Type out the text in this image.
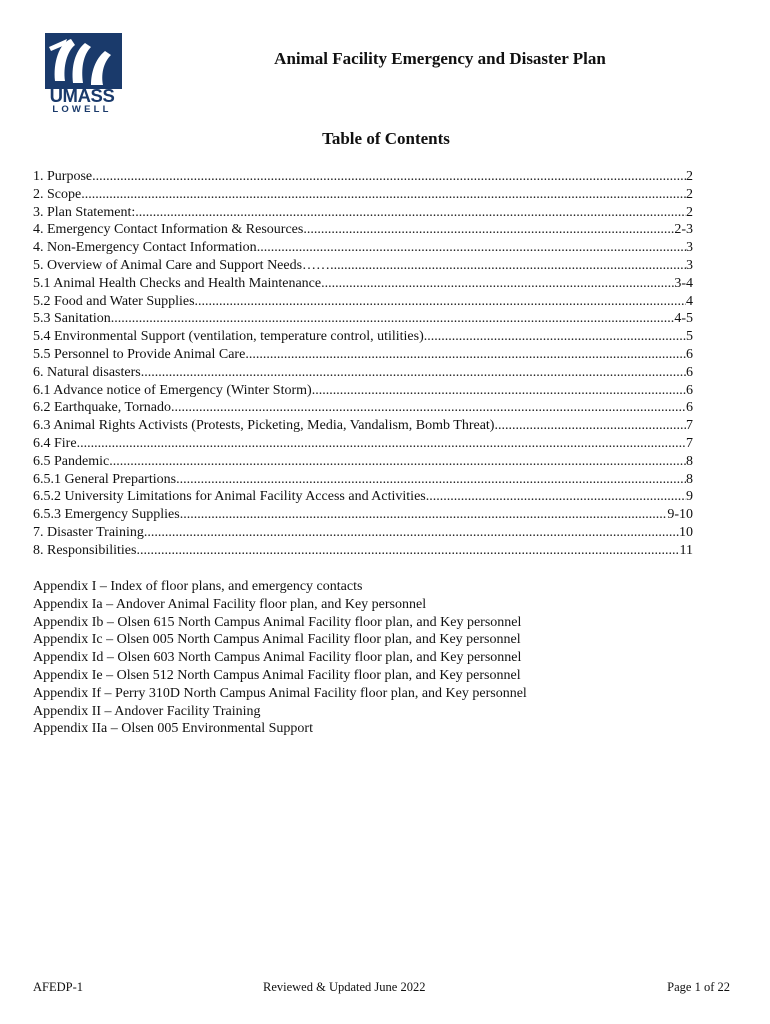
UMASS
LOWELL
Animal Facility Emergency and Disaster Plan
Table of Contents
1. Purpose .....	2
2. Scope .....	2
3. Plan Statement: .....	2
4. Emergency Contact Information & Resources .....	2-3
4. Non-Emergency Contact Information .....	3
5. Overview of Animal Care and Support Needs…… .....	3
5.1 Animal Health Checks and Health Maintenance .....	3-4
5.2 Food and Water Supplies .....	4
5.3 Sanitation .....	4-5
5.4 Environmental Support (ventilation, temperature control, utilities) .....	5
5.5 Personnel to Provide Animal Care .....	6
6. Natural disasters .....	6
6.1 Advance notice of Emergency (Winter Storm) .....	6
6.2 Earthquake, Tornado .....	6
6.3 Animal Rights Activists (Protests, Picketing, Media, Vandalism, Bomb Threat) .....	7
6.4 Fire .....	7
6.5 Pandemic .....	8
6.5.1 General Prepartions .....	8
6.5.2 University Limitations for Animal Facility Access and Activities .....	9
6.5.3 Emergency Supplies .....	9-10
7. Disaster Training .....	10
8. Responsibilities .....	11
Appendix I – Index of floor plans, and emergency contacts
Appendix Ia – Andover Animal Facility floor plan, and Key personnel
Appendix Ib – Olsen 615 North Campus Animal Facility floor plan, and Key personnel
Appendix Ic – Olsen 005 North Campus Animal Facility floor plan, and Key personnel
Appendix Id – Olsen 603 North Campus Animal Facility floor plan, and Key personnel
Appendix Ie – Olsen 512 North Campus Animal Facility floor plan, and Key personnel
Appendix If – Perry 310D North Campus Animal Facility floor plan, and Key personnel
Appendix II – Andover Facility Training
Appendix IIa – Olsen 005 Environmental Support
AFEDP-1	Reviewed & Updated June 2022	Page 1 of 22
